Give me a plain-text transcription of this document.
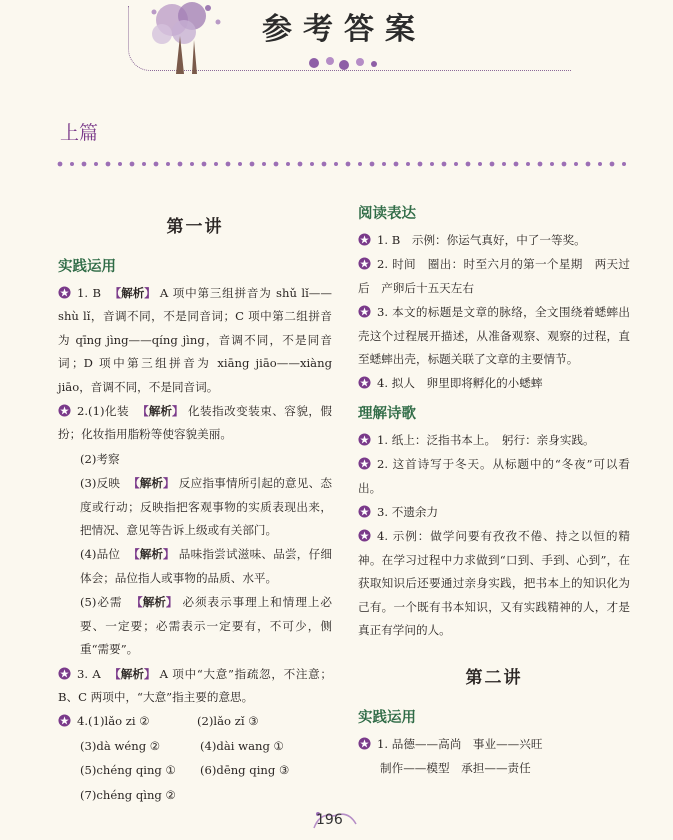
参考答案
上篇
第一讲
实践运用
1. B 【 解析 】 A 项中第三组拼音为 shǔ lǐ——shù lǐ，音调不同，不是同音词；C 项中第二组拼音为 qīng jìng——qíng jìng，音调不同，不是同音词；D 项中第三组拼音为 xiāng jiāo——xiàng jiāo，音调不同，不是同音词。
2.(1)化装 【 解析 】 化装指改变装束、容貌，假扮；化妆指用脂粉等使容貌美丽。
(2)考察
(3)反映 【 解析 】 反应指事情所引起的意见、态度或行动；反映指把客观事物的实质表现出来，把情况、意见等告诉上级或有关部门。
(4)品位 【 解析 】 品味指尝试滋味、品尝，仔细体会；品位指人或事物的品质、水平。
(5)必需 【 解析 】 必须表示事理上和情理上必要、一定要；必需表示一定要有，不可少，侧重“需要”。
3. A 【 解析 】 A 项中“大意”指疏忽，不注意；B、C 两项中，“大意”指主要的意思。
4.(1)lǎo zi ②	(2)lǎo zǐ ③
(3)dà wéng ②	(4)dài wang ①
(5)chéng qing ① (6)dēng qing ③
(7)chéng qìng ②
阅读表达
1. B　示例：你运气真好，中了一等奖。
2. 时间　圈出：时至六月的第一个星期　两天过后　产卵后十五天左右
3. 本文的标题是文章的脉络，全文围绕着蟋蟀出壳这个过程展开描述，从准备观察、观察的过程，直至蟋蟀出壳，标题关联了文章的主要情节。
4. 拟人　卵里即将孵化的小蟋蟀
理解诗歌
1. 纸上：泛指书本上。　躬行：亲身实践。
2. 这首诗写于冬天。从标题中的“冬夜”可以看出。
3. 不遗余力
4. 示例：做学问要有孜孜不倦、持之以恒的精神。在学习过程中力求做到“口到、手到、心到”，在获取知识后还要通过亲身实践，把书本上的知识化为己有。一个既有书本知识，又有实践精神的人，才是真正有学问的人。
第二讲
实践运用
1. 品德——高尚　事业——兴旺
制作——模型　承担——责任
196
